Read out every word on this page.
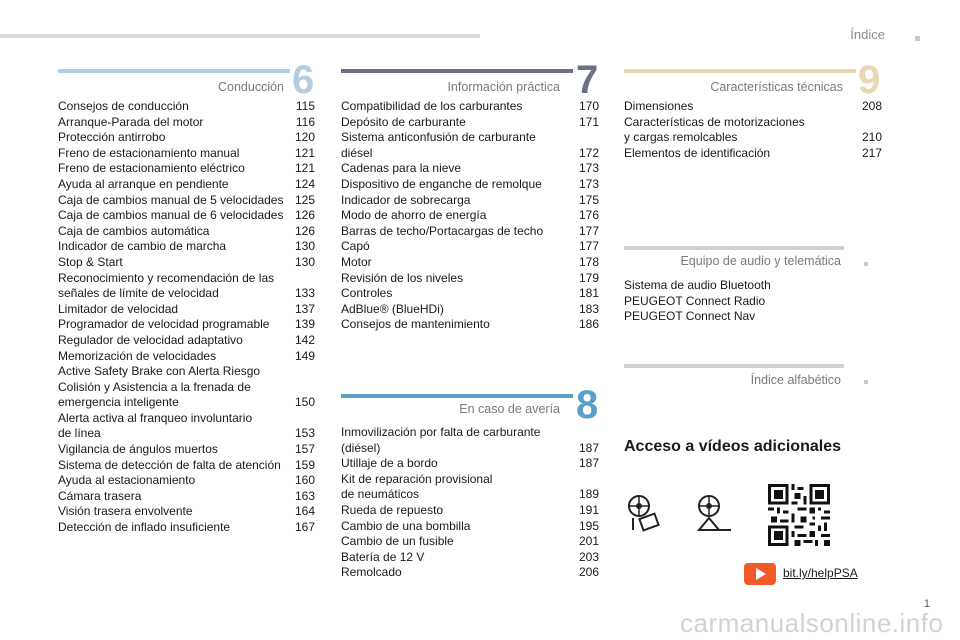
Índice
Conducción 6
Consejos de conducción	115
Arranque-Parada del motor	116
Protección antirrobo	120
Freno de estacionamiento manual	121
Freno de estacionamiento eléctrico	121
Ayuda al arranque en pendiente	124
Caja de cambios manual de 5 velocidades 125
Caja de cambios manual de 6 velocidades 126
Caja de cambios automática	126
Indicador de cambio de marcha	130
Stop & Start	130
Reconocimiento y recomendación de las
señales de límite de velocidad	133
Limitador de velocidad	137
Programador de velocidad programable	139
Regulador de velocidad adaptativo	142
Memorización de velocidades	149
Active Safety Brake con Alerta Riesgo
Colisión y Asistencia a la frenada de
emergencia inteligente	150
Alerta activa al franqueo involuntario
de línea	153
Vigilancia de ángulos muertos	157
Sistema de detección de falta de atención	159
Ayuda al estacionamiento	160
Cámara trasera	163
Visión trasera envolvente	164
Detección de inflado insuficiente	167
Información práctica 7
Compatibilidad de los carburantes	170
Depósito de carburante	171
Sistema anticonfusión de carburante
diésel	172
Cadenas para la nieve	173
Dispositivo de enganche de remolque	173
Indicador de sobrecarga	175
Modo de ahorro de energía	176
Barras de techo/Portacargas de techo	177
Capó	177
Motor	178
Revisión de los niveles	179
Controles	181
AdBlue® (BlueHDi)	183
Consejos de mantenimiento	186
En caso de avería 8
Inmovilización por falta de carburante
(diésel)	187
Utillaje de a bordo	187
Kit de reparación provisional
de neumáticos	189
Rueda de repuesto	191
Cambio de una bombilla	195
Cambio de un fusible	201
Batería de 12 V	203
Remolcado	206
Características técnicas 9
Dimensiones	208
Características de motorizaciones
y cargas remolcables	210
Elementos de identificación	217
Equipo de audio y telemática
Sistema de audio Bluetooth
PEUGEOT Connect Radio
PEUGEOT Connect Nav
Índice alfabético
Acceso a vídeos adicionales
bit.ly/helpPSA
1
carmanualsonline.info
